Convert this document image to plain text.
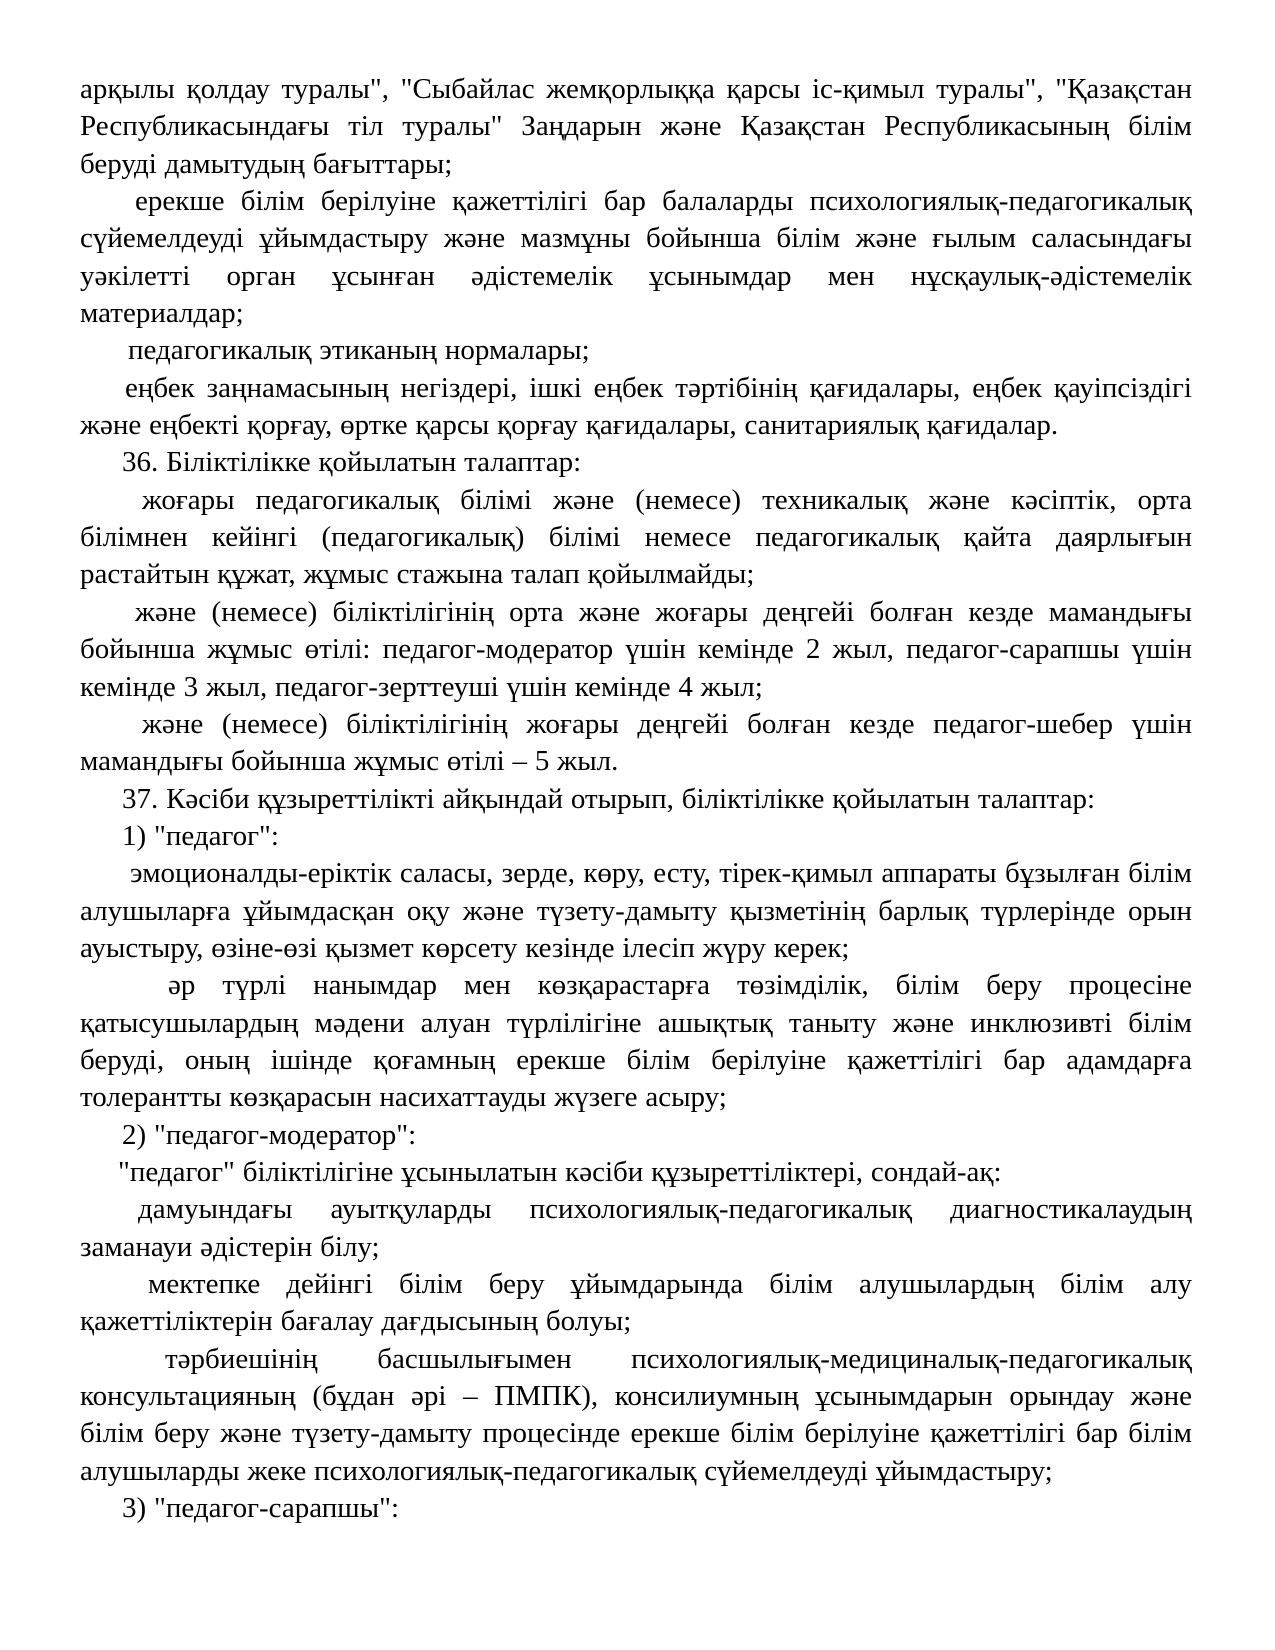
арқылы қолдау туралы", "Сыбайлас жемқорлыққа қарсы іс-қимыл туралы", "Қазақстан Республикасындағы тіл туралы" Заңдарын және Қазақстан Республикасының білім беруді дамытудың бағыттары;

ерекше білім берілуіне қажеттілігі бар балаларды психологиялық-педагогикалық сүйемелдеуді ұйымдастыру және мазмұны бойынша білім және ғылым саласындағы уәкілетті орган ұсынған әдістемелік ұсынымдар мен нұсқаулық-әдістемелік материалдар;

педагогикалық этиканың нормалары;

еңбек заңнамасының негіздері, ішкі еңбек тәртібінің қағидалары, еңбек қауіпсіздігі және еңбекті қорғау, өртке қарсы қорғау қағидалары, санитариялық қағидалар.

36. Біліктілікке қойылатын талаптар:

жоғары педагогикалық білімі және (немесе) техникалық және кәсіптік, орта білімнен кейінгі (педагогикалық) білімі немесе педагогикалық қайта даярлығын растайтын құжат, жұмыс стажына талап қойылмайды;

және (немесе) біліктілігінің орта және жоғары деңгейі болған кезде мамандығы бойынша жұмыс өтілі: педагог-модератор үшін кемінде 2 жыл, педагог-сарапшы үшін кемінде 3 жыл, педагог-зерттеуші үшін кемінде 4 жыл;

және (немесе) біліктілігінің жоғары деңгейі болған кезде педагог-шебер үшін мамандығы бойынша жұмыс өтілі – 5 жыл.

37. Кәсіби құзыреттілікті айқындай отырып, біліктілікке қойылатын талаптар:

1) "педагог":

эмоционалды-еріктік саласы, зерде, көру, есту, тірек-қимыл аппараты бұзылған білім алушыларға ұйымдасқан оқу және түзету-дамыту қызметінің барлық түрлерінде орын ауыстыру, өзіне-өзі қызмет көрсету кезінде ілесіп жүру керек;

әр түрлі нанымдар мен көзқарастарға төзімділік, білім беру процесіне қатысушылардың мәдени алуан түрлілігіне ашықтық таныту және инклюзивті білім беруді, оның ішінде қоғамның ерекше білім берілуіне қажеттілігі бар адамдарға толерантты көзқарасын насихаттауды жүзеге асыру;

2) "педагог-модератор":

"педагог" біліктілігіне ұсынылатын кәсіби құзыреттіліктері, сондай-ақ:

дамуындағы ауытқуларды психологиялық-педагогикалық диагностикалаудың заманауи әдістерін білу;

мектепке дейінгі білім беру ұйымдарында білім алушылардың білім алу қажеттіліктерін бағалау дағдысының болуы;

тәрбиешінің басшылығымен психологиялық-медициналық-педагогикалық консультацияның (бұдан әрі – ПМПК), консилиумның ұсынымдарын орындау және білім беру және түзету-дамыту процесінде ерекше білім берілуіне қажеттілігі бар білім алушыларды жеке психологиялық-педагогикалық сүйемелдеуді ұйымдастыру;

3) "педагог-сарапшы":
